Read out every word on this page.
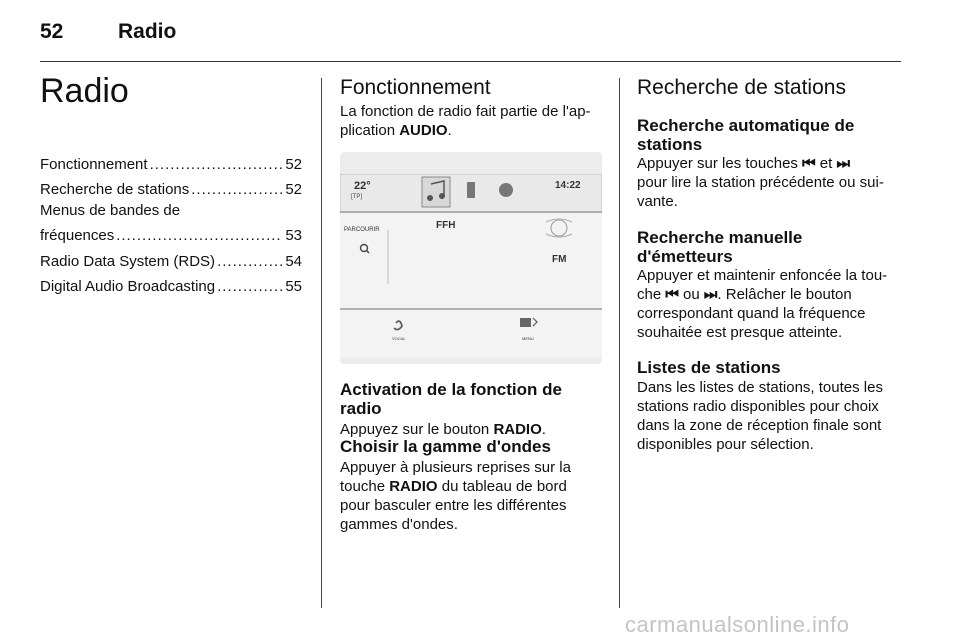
52	Radio
Radio
Fonctionnement .....	52
Recherche de stations .....	52
Menus de bandes de
fréquences .....	53
Radio Data System (RDS) .....	54
Digital Audio Broadcasting .....	55
Fonctionnement

La fonction de radio fait partie de l'ap-
plication AUDIO.

22°
[TP]
14:22
PARCOURIR	FFH
FM
VOCAL	MENU
Activation de la fonction de radio

Appuyez sur le bouton RADIO.

Choisir la gamme d'ondes

Appuyer à plusieurs reprises sur la
touche RADIO du tableau de bord
pour basculer entre les différentes
gammes d'ondes.

Recherche de stations
Recherche automatique de
stations

Appuyer sur les touches ⏮ et ⏭
pour lire la station précédente ou sui-
vante.

Recherche manuelle
d'émetteurs

Appuyer et maintenir enfoncée la tou-
che ⏮ ou ⏭. Relâcher le bouton
correspondant quand la fréquence
souhaitée est presque atteinte.

Listes de stations

Dans les listes de stations, toutes les
stations radio disponibles pour choix
dans la zone de réception finale sont
disponibles pour sélection.

carmanualsonline.info
